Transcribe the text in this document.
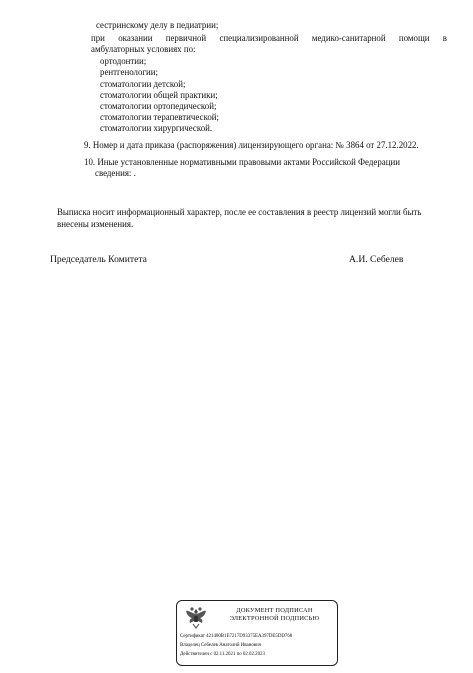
сестринскому делу в педиатрии;
при оказании первичной специализированной медико-санитарной помощи в
амбулаторных условиях по:
ортодонтии;
рентгенологии;
стоматологии детской;
стоматологии общей практики;
стоматологии ортопедической;
стоматологии терапевтической;
стоматологии хирургической.
9. Номер и дата приказа (распоряжения) лицензирующего органа: № 3864 от 27.12.2022.
10. Иные установленные нормативными правовыми актами Российской Федерации
сведения: .
Выписка носит информационный характер, после ее составления в реестр лицензий могли быть
внесены изменения.
Председатель Комитета	А.И. Себелев
ДОКУМЕНТ ПОДПИСАН
ЭЛЕКТРОННОЙ ПОДПИСЬЮ
Сертификат 421400B1E7217D93375EA397DE5DD768
Владелец Себелев Анатолий Иванович
Действителен с 02.11.2021 по 02.02.2023
